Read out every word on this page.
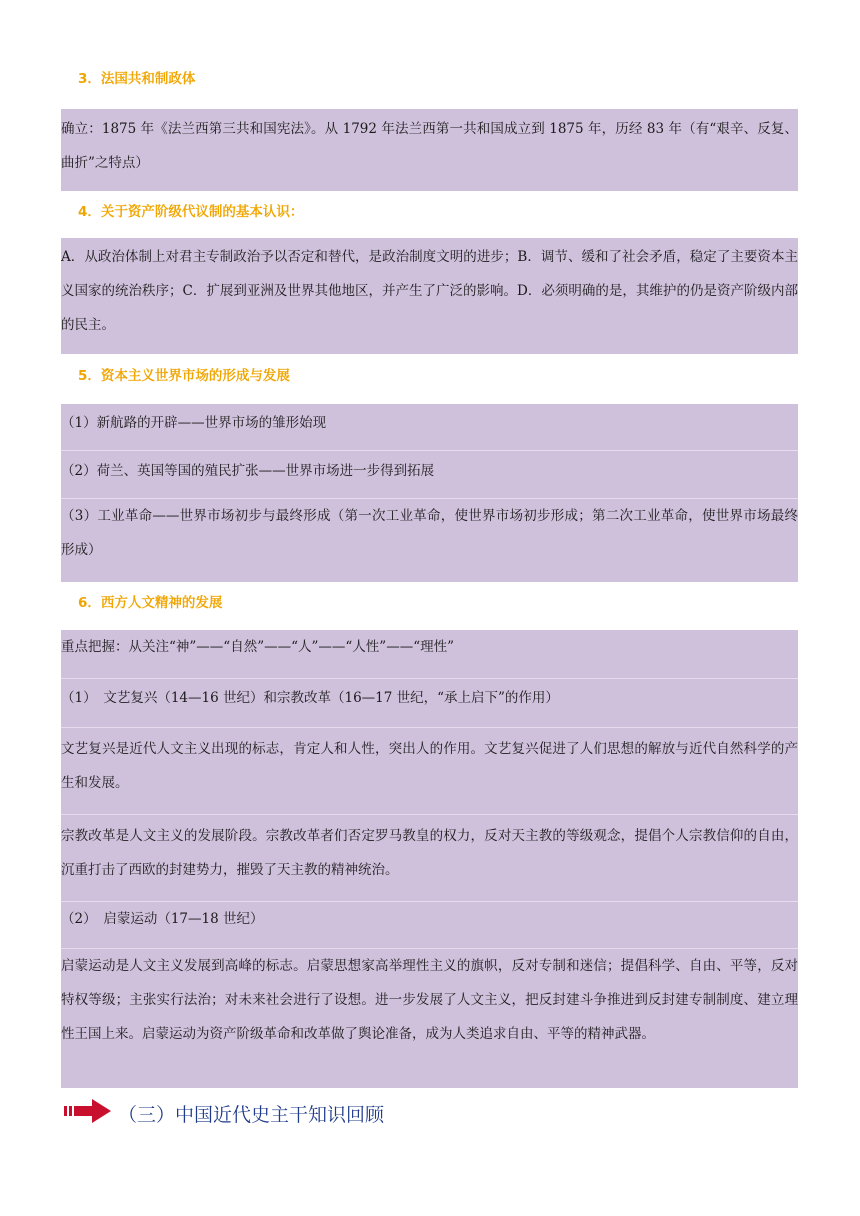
3．法国共和制政体
确立：1875 年《法兰西第三共和国宪法》。从 1792 年法兰西第一共和国成立到 1875 年，历经 83 年（有“艰辛、反复、曲折”之特点）
4．关于资产阶级代议制的基本认识：
A．从政治体制上对君主专制政治予以否定和替代，是政治制度文明的进步；B．调节、缓和了社会矛盾，稳定了主要资本主义国家的统治秩序；C．扩展到亚洲及世界其他地区，并产生了广泛的影响。D．必须明确的是，其维护的仍是资产阶级内部的民主。
5．资本主义世界市场的形成与发展
（1）新航路的开辟——世界市场的雏形始现
（2）荷兰、英国等国的殖民扩张——世界市场进一步得到拓展
（3）工业革命——世界市场初步与最终形成（第一次工业革命，使世界市场初步形成；第二次工业革命，使世界市场最终形成）
6．西方人文精神的发展
重点把握：从关注“神”——“自然”——“人”——“人性”——“理性”
（1）　文艺复兴（14—16 世纪）和宗教改革（16—17 世纪，“承上启下”的作用）
文艺复兴是近代人文主义出现的标志，肯定人和人性，突出人的作用。文艺复兴促进了人们思想的解放与近代自然科学的产生和发展。
宗教改革是人文主义的发展阶段。宗教改革者们否定罗马教皇的权力，反对天主教的等级观念，提倡个人宗教信仰的自由，沉重打击了西欧的封建势力，摧毁了天主教的精神统治。
（2）　启蒙运动（17—18 世纪）
启蒙运动是人文主义发展到高峰的标志。启蒙思想家高举理性主义的旗帜，反对专制和迷信；提倡科学、自由、平等，反对特权等级；主张实行法治；对未来社会进行了设想。进一步发展了人文主义，把反封建斗争推进到反封建专制制度、建立理性王国上来。启蒙运动为资产阶级革命和改革做了舆论准备，成为人类追求自由、平等的精神武器。
（三）中国近代史主干知识回顾
